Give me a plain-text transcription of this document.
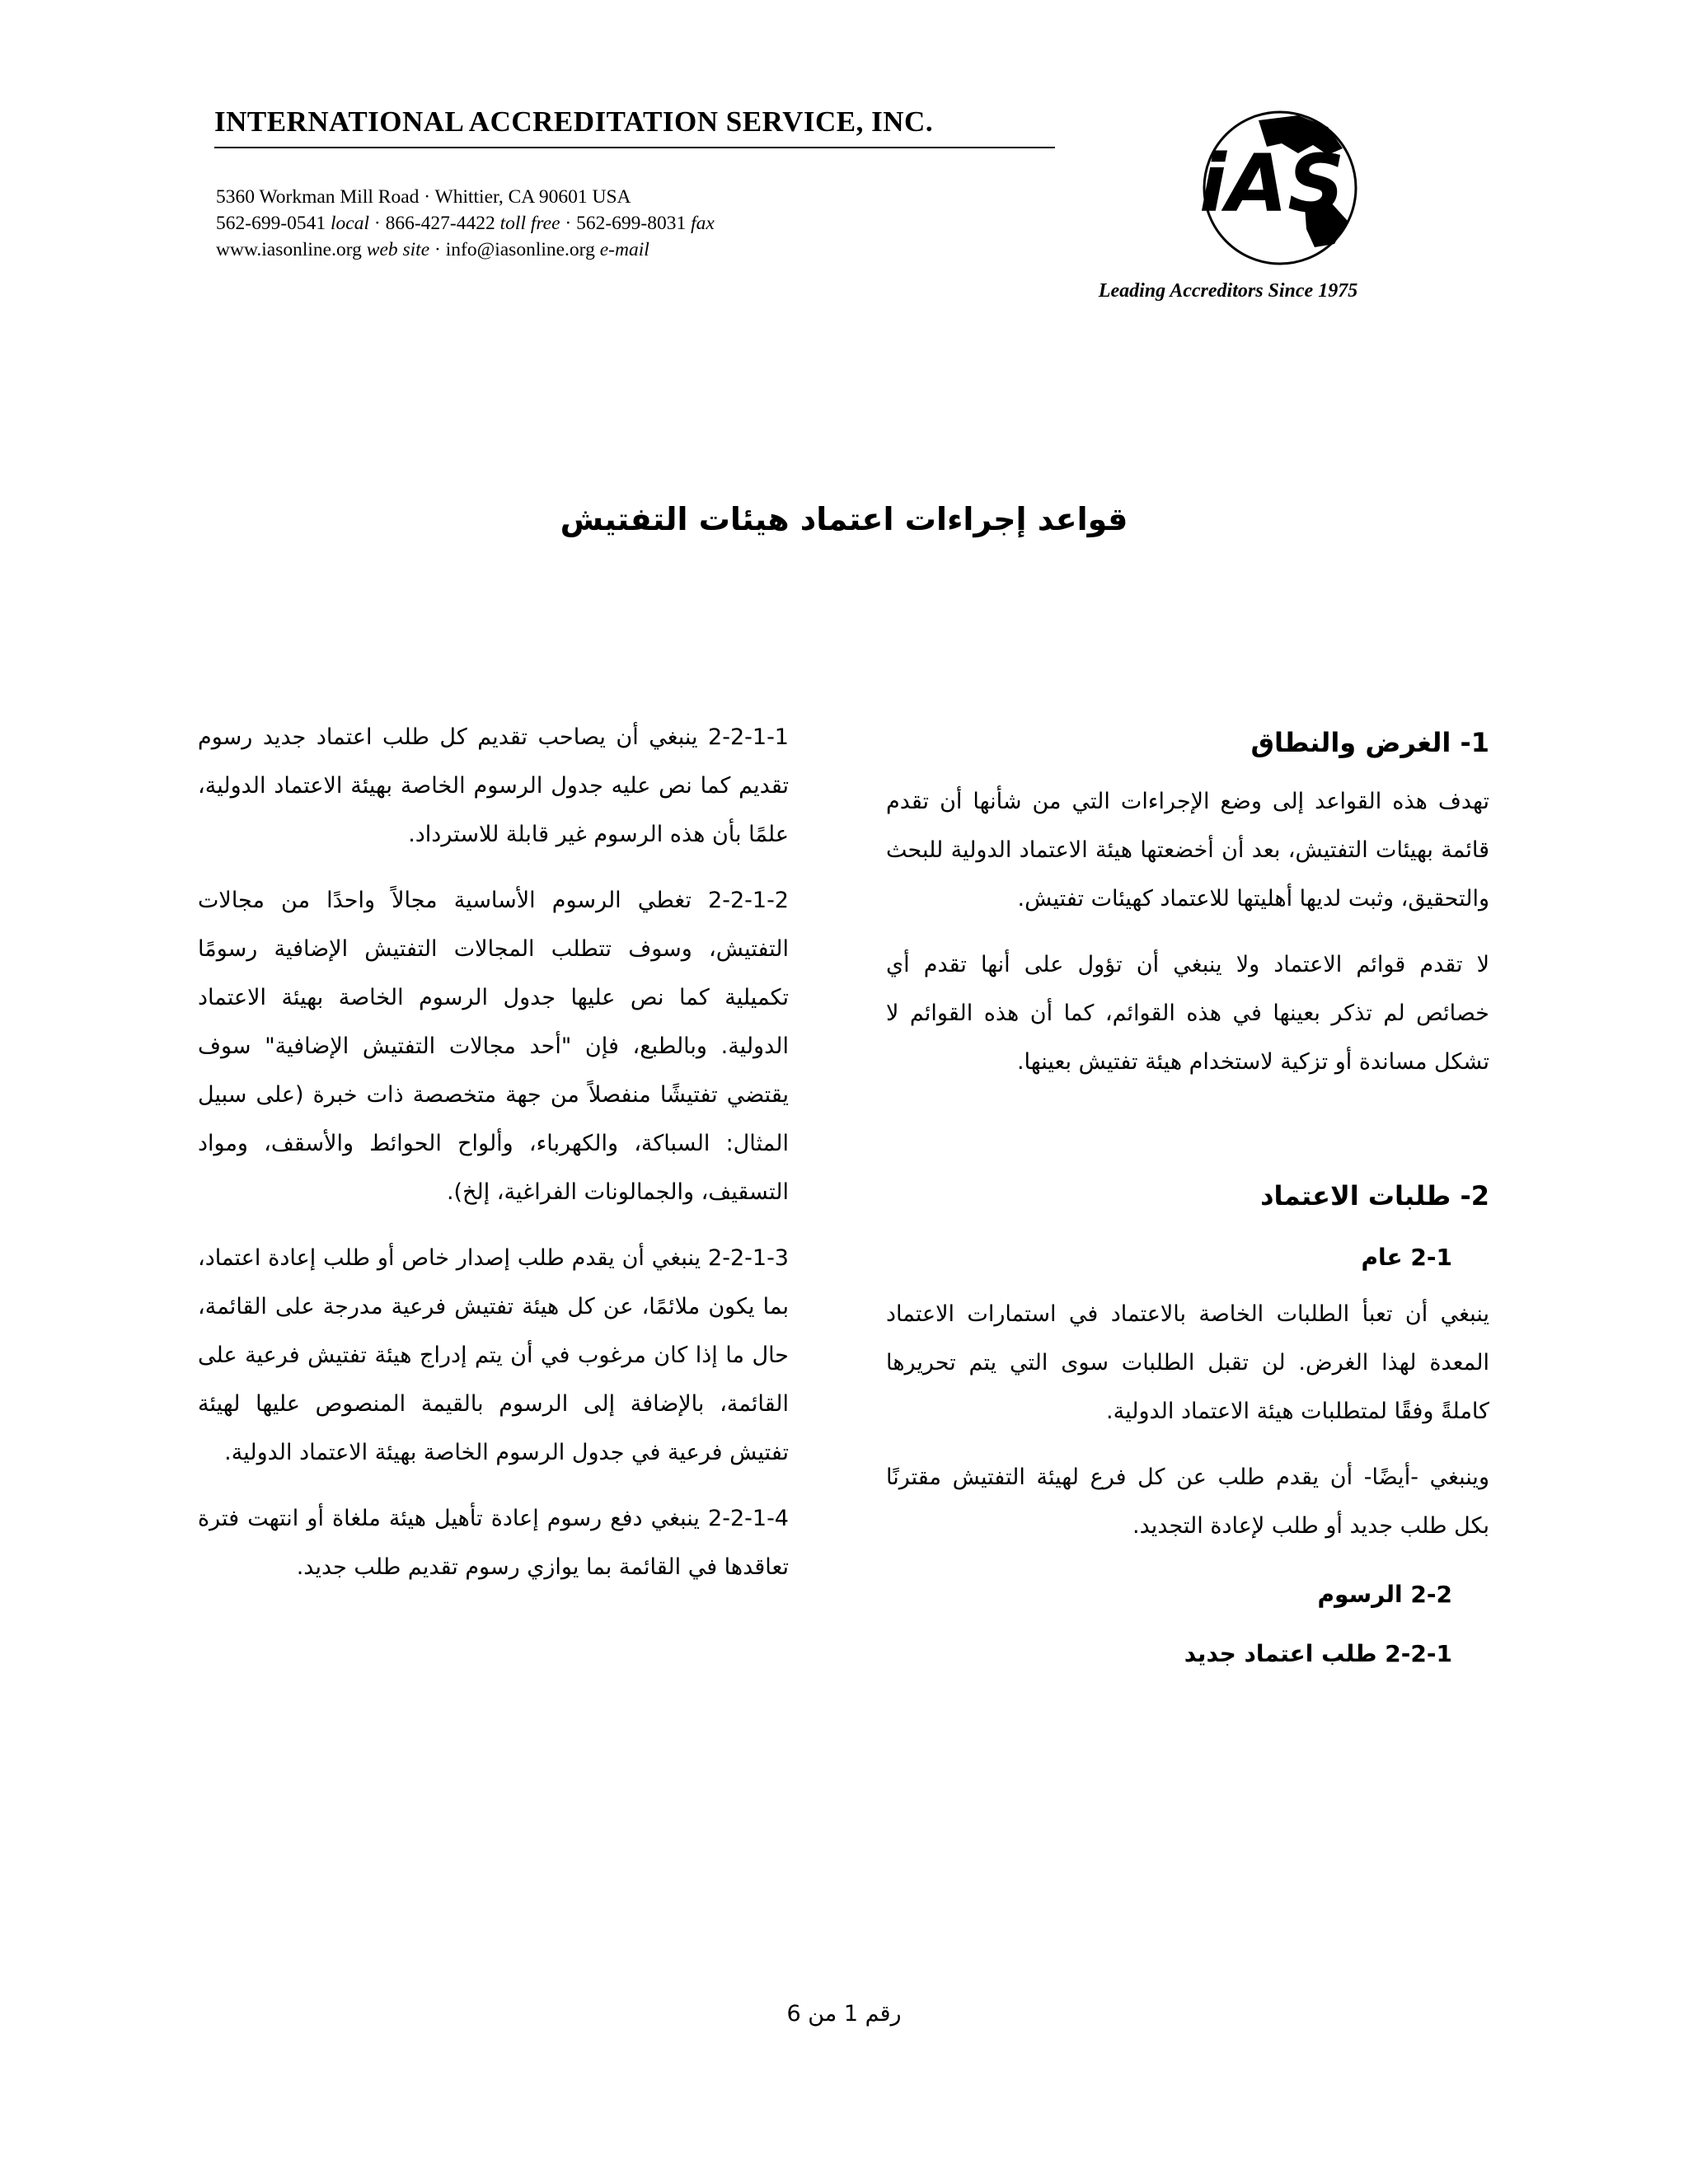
INTERNATIONAL ACCREDITATION SERVICE, INC.
5360 Workman Mill Road · Whittier, CA 90601 USA
562-699-0541 local · 866-427-4422 toll free · 562-699-8031 fax
www.iasonline.org web site · info@iasonline.org e-mail
iAS
Leading Accreditors Since 1975
قواعد إجراءات اعتماد هيئات التفتيش
1- الغرض والنطاق

تهدف هذه القواعد إلى وضع الإجراءات التي من شأنها أن تقدم قائمة بهيئات التفتيش، بعد أن أخضعتها هيئة الاعتماد الدولية للبحث والتحقيق، وثبت لديها أهليتها للاعتماد كهيئات تفتيش.

لا تقدم قوائم الاعتماد ولا ينبغي أن تؤول على أنها تقدم أي خصائص لم تذكر بعينها في هذه القوائم، كما أن هذه القوائم لا تشكل مساندة أو تزكية لاستخدام هيئة تفتيش بعينها.

2- طلبات الاعتماد
2-1 عام

ينبغي أن تعبأ الطلبات الخاصة بالاعتماد في استمارات الاعتماد المعدة لهذا الغرض. لن تقبل الطلبات سوى التي يتم تحريرها كاملةً وفقًا لمتطلبات هيئة الاعتماد الدولية.

وينبغي -أيضًا- أن يقدم طلب عن كل فرع لهيئة التفتيش مقترنًا بكل طلب جديد أو طلب لإعادة التجديد.

2-2 الرسوم
2-2-1 طلب اعتماد جديد

2-2-1-1 ينبغي أن يصاحب تقديم كل طلب اعتماد جديد رسوم تقديم كما نص عليه جدول الرسوم الخاصة بهيئة الاعتماد الدولية، علمًا بأن هذه الرسوم غير قابلة للاسترداد.

2-2-1-2 تغطي الرسوم الأساسية مجالاً واحدًا من مجالات التفتيش، وسوف تتطلب المجالات التفتيش الإضافية رسومًا تكميلية كما نص عليها جدول الرسوم الخاصة بهيئة الاعتماد الدولية. وبالطبع، فإن "أحد مجالات التفتيش الإضافية" سوف يقتضي تفتيشًا منفصلاً من جهة متخصصة ذات خبرة (على سبيل المثال: السباكة، والكهرباء، وألواح الحوائط والأسقف، ومواد التسقيف، والجمالونات الفراغية، إلخ).

2-2-1-3 ينبغي أن يقدم طلب إصدار خاص أو طلب إعادة اعتماد، بما يكون ملائمًا، عن كل هيئة تفتيش فرعية مدرجة على القائمة، حال ما إذا كان مرغوب في أن يتم إدراج هيئة تفتيش فرعية على القائمة، بالإضافة إلى الرسوم بالقيمة المنصوص عليها لهيئة تفتيش فرعية في جدول الرسوم الخاصة بهيئة الاعتماد الدولية.

2-2-1-4 ينبغي دفع رسوم إعادة تأهيل هيئة ملغاة أو انتهت فترة تعاقدها في القائمة بما يوازي رسوم تقديم طلب جديد.

رقم 1 من 6
